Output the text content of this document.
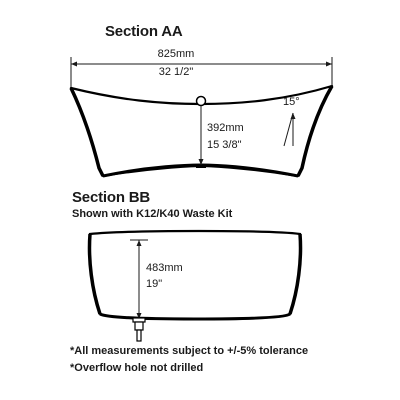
Section AA
825mm
32 1/2"
392mm
15 3/8"
15°
Section BB
Shown with K12/K40 Waste Kit
483mm
19"
*All measurements subject to +/-5% tolerance
*Overflow hole not drilled
